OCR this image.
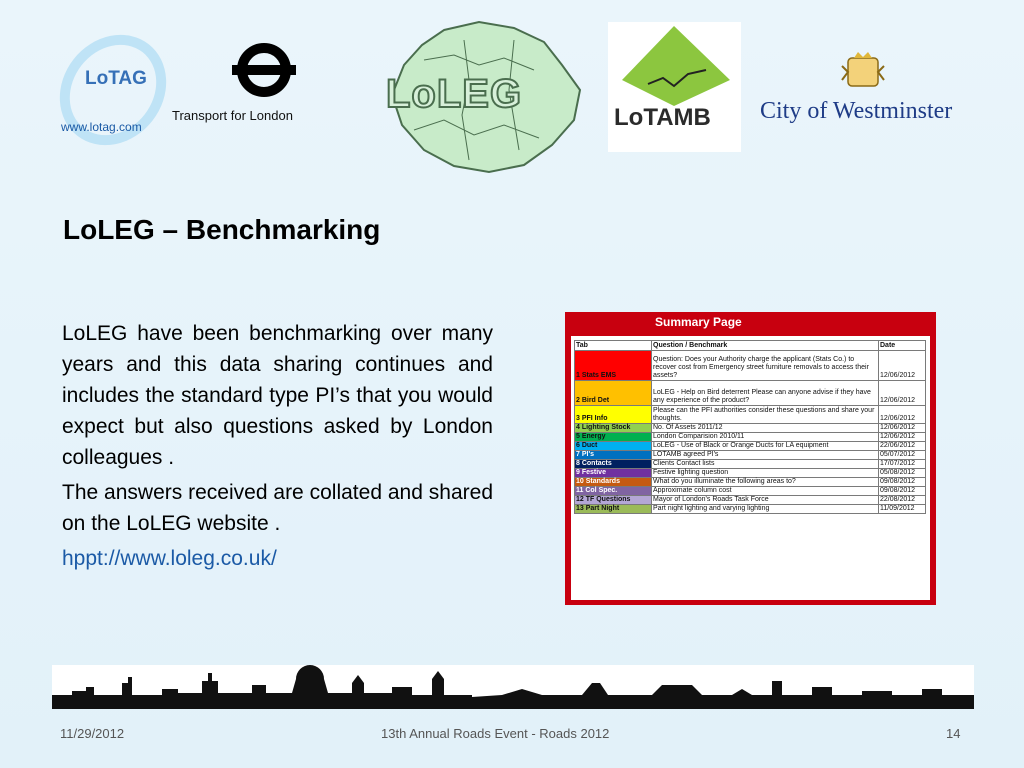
LoTAG
www.lotag.com
Transport for London LoLEG
LoTAMB City of Westminster
LoLEG – Benchmarking

LoLEG have been benchmarking over many years and this data sharing continues and includes the standard type PI’s that you would expect but also questions asked by London colleagues .

The answers received are collated and shared on the LoLEG website .

hppt://www.loleg.co.uk/

Summary Page
Tab	Question / Benchmark	Date
1 Stats EMS	Question: Does your Authority charge the applicant (Stats Co.) to recover cost from Emergency street furniture removals to access their assets?	12/06/2012
2 Bird Det	LoLEG - Help on Bird deterrent Please can anyone advise if they have any experience of the product?	12/06/2012
3 PFI Info	Please can the PFI authorities consider these questions and share your thoughts.	12/06/2012
4 Lighting Stock	No. Of Assets 2011/12	12/06/2012
5 Energy	London Comparision 2010/11	12/06/2012
6 Duct	LoLEG - Use of Black or Orange Ducts for LA equipment	22/06/2012
7 PI's	LOTAMB agreed PI's	05/07/2012
8 Contacts	Clients Contact lists	17/07/2012
9 Festive	Festive lighting question	05/08/2012
10 Standards	What do you illuminate the following areas to?	09/08/2012
11 Col Spec.	Approximate column cost	09/08/2012
12 TF Questions	Mayor of London's Roads Task Force	22/08/2012
13 Part Night	Part night lighting and varying lighting	11/09/2012
11/29/2012	13th Annual Roads Event - Roads 2012	14
